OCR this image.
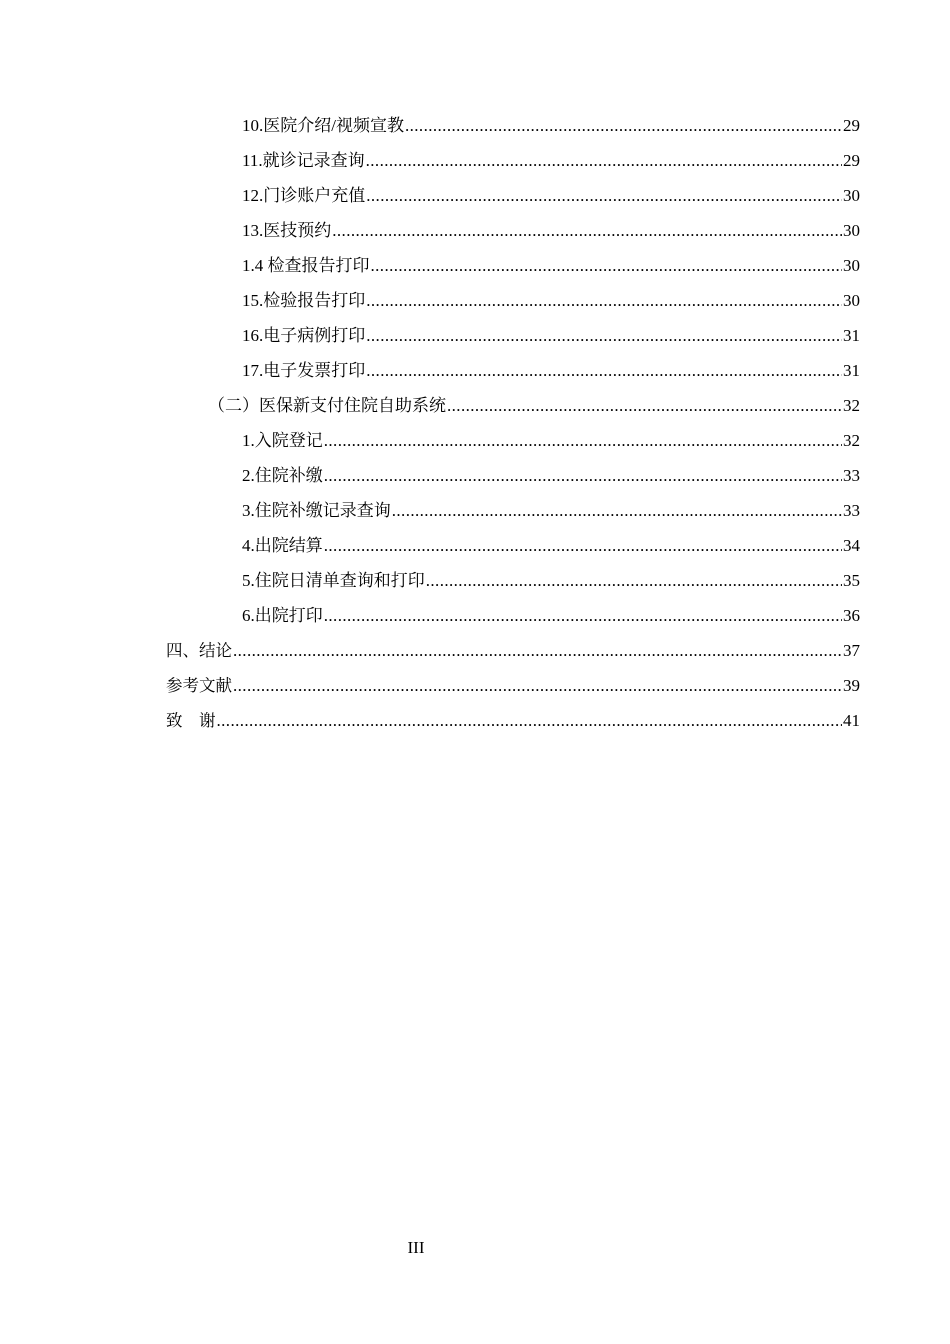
10.医院介绍/视频宣教 .....	29
11.就诊记录查询 .....	29
12.门诊账户充值 .....	30
13.医技预约 .....	30
1.4 检查报告打印 .....	30
15.检验报告打印 .....	30
16.电子病例打印 .....	31
17.电子发票打印 .....	31
（二）医保新支付住院自助系统 .....	32
1.入院登记 .....	32
2.住院补缴 .....	33
3.住院补缴记录查询 .....	33
4.出院结算 .....	34
5.住院日清单查询和打印 .....	35
6.出院打印 .....	36
四、结论 .....	37
参考文献 .....	39
致　谢 .....	41
III
